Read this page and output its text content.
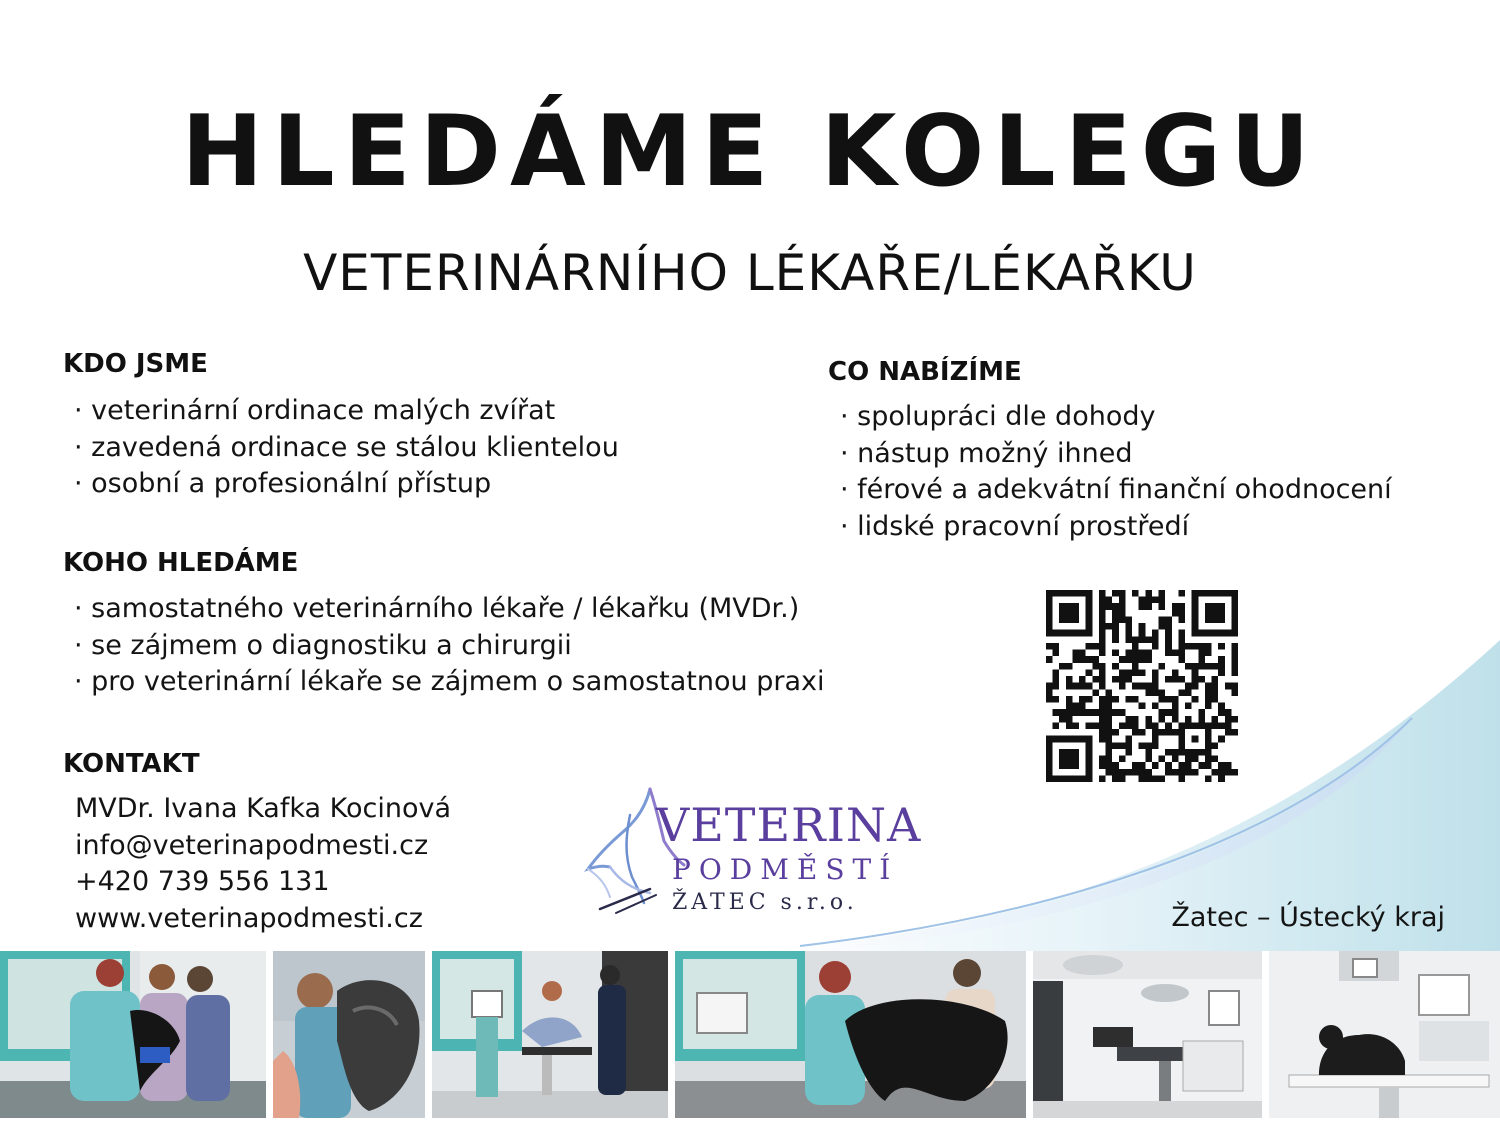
HLEDÁME KOLEGU
VETERINÁRNÍHO LÉKAŘE/LÉKAŘKU
KDO JSME
· veterinární ordinace malých zvířat
· zavedená ordinace se stálou klientelou
· osobní a profesionální přístup
CO NABÍZÍME
· spolupráci dle dohody
· nástup možný ihned
· férové a adekvátní finanční ohodnocení
· lidské pracovní prostředí
KOHO HLEDÁME
· samostatného veterinárního lékaře / lékařku (MVDr.)
· se zájmem o diagnostiku a chirurgii
· pro veterinární lékaře se zájmem o samostatnou praxi
KONTAKT
MVDr. Ivana Kafka Kocinová
info@veterinapodmesti.cz
+420 739 556 131
www.veterinapodmesti.cz
VETERINA
PODMĚSTÍ
ŽATEC s.r.o.	Žatec – Ústecký kraj
